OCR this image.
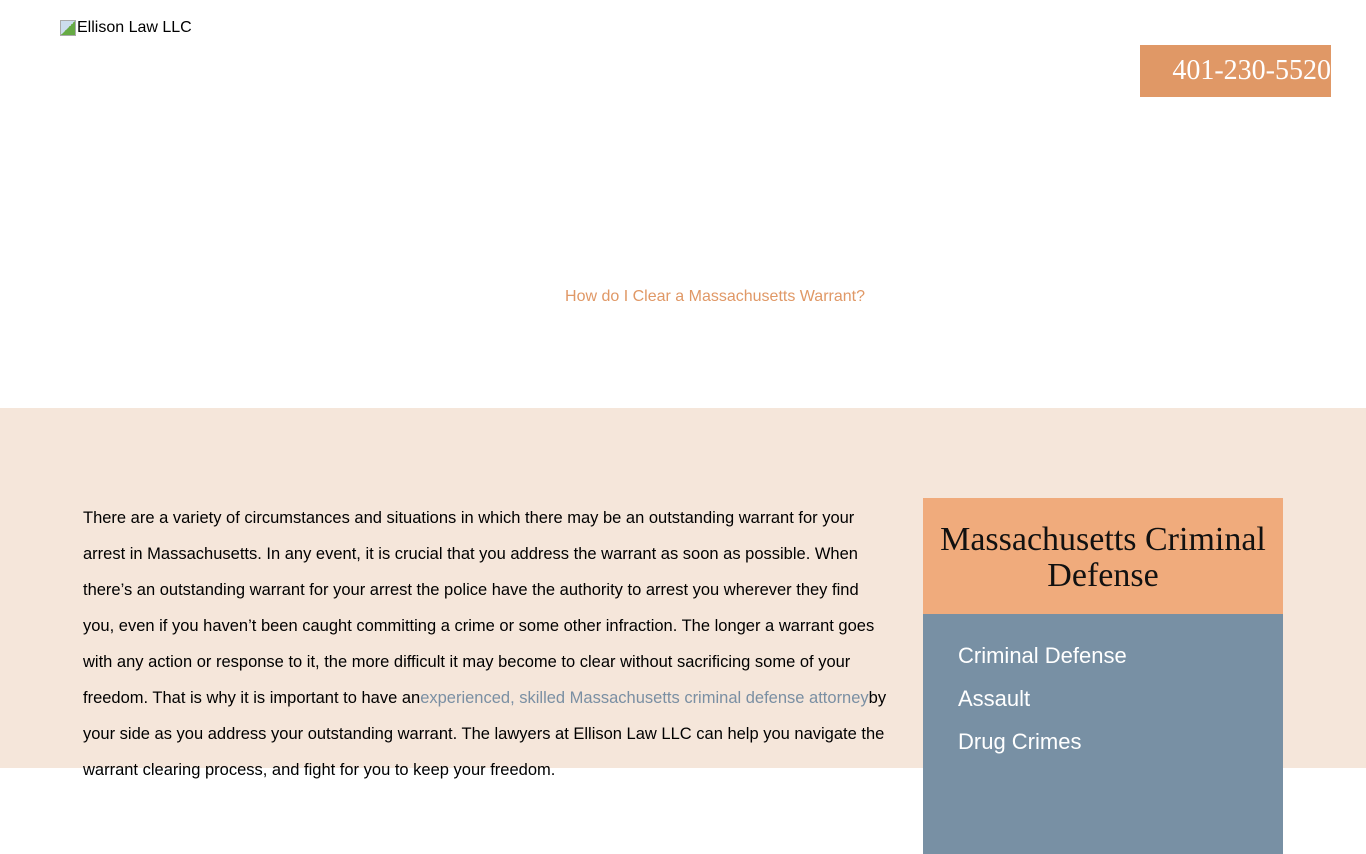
Ellison Law LLC
401-230-5520
How do I Clear a Massachusetts Warrant?
There are a variety of circumstances and situations in which there may be an outstanding warrant for your arrest in Massachusetts. In any event, it is crucial that you address the warrant as soon as possible. When there’s an outstanding warrant for your arrest the police have the authority to arrest you wherever they find you, even if you haven’t been caught committing a crime or some other infraction. The longer a warrant goes with any action or response to it, the more difficult it may become to clear without sacrificing some of your freedom. That is why it is important to have anexperienced, skilled Massachusetts criminal defense attorneyby your side as you address your outstanding warrant. The lawyers at Ellison Law LLC can help you navigate the warrant clearing process, and fight for you to keep your freedom.
Massachusetts Criminal Defense
Criminal Defense
Assault
Drug Crimes
